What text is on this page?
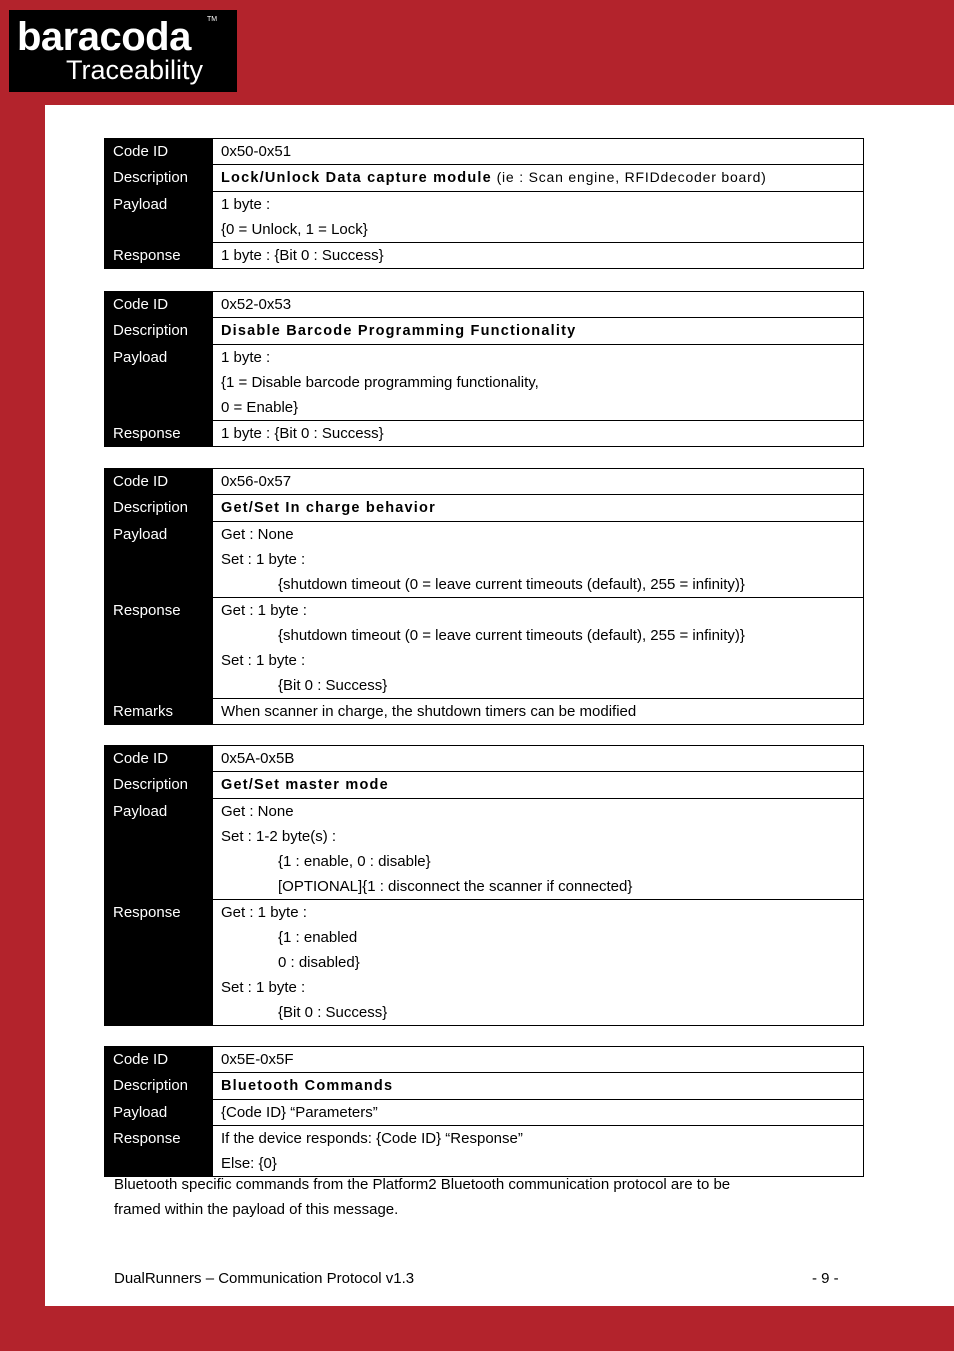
baracoda TM
Traceability
Code ID	0x50-0x51
Description	Lock/Unlock Data capture module (ie : Scan engine, RFIDdecoder board)
Payload	1 byte :
{0 = Unlock, 1 = Lock}

Response	1 byte : {Bit 0 : Success}
Code ID	0x52-0x53
Description	Disable Barcode Programming Functionality
Payload	1 byte :
{1 = Disable barcode programming functionality,
0 = Enable}

Response	1 byte : {Bit 0 : Success}
Code ID	0x56-0x57
Description	Get/Set In charge behavior
Payload	Get : None
Set : 1 byte :
{shutdown timeout (0 = leave current timeouts (default), 255 = infinity)}

Response	Get : 1 byte :
{shutdown timeout (0 = leave current timeouts (default), 255 = infinity)}
Set : 1 byte :
{Bit 0 : Success}

Remarks	When scanner in charge, the shutdown timers can be modified
Code ID	0x5A-0x5B
Description	Get/Set master mode
Payload	Get : None
Set : 1-2 byte(s) :
{1 : enable, 0 : disable}
[OPTIONAL]{1 : disconnect the scanner if connected}

Response	Get : 1 byte :
{1 : enabled
0 : disabled}
Set : 1 byte :
{Bit 0 : Success}
Code ID	0x5E-0x5F
Description	Bluetooth Commands
Payload	{Code ID} “Parameters”
Response	If the device responds: {Code ID} “Response”
Else: {0}
Bluetooth specific commands from the Platform2 Bluetooth communication protocol are to be
framed within the payload of this message.
DualRunners – Communication Protocol v1.3	- 9 -
